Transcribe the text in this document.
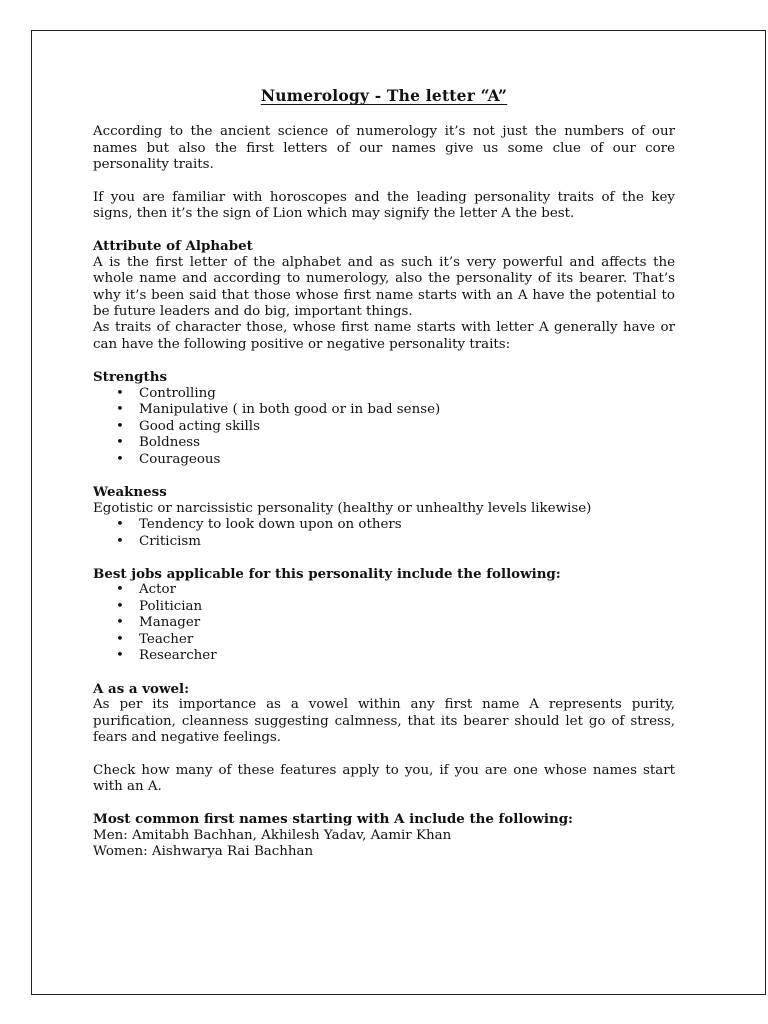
Numerology - The letter “A”

According to the ancient science of numerology it’s not just the numbers of our names but also the first letters of our names give us some clue of our core personality traits.

If you are familiar with horoscopes and the leading personality traits of the key signs, then it’s the sign of Lion which may signify the letter A the best.

Attribute of Alphabet

A is the first letter of the alphabet and as such it’s very powerful and affects the whole name and according to numerology, also the personality of its bearer. That’s why it’s been said that those whose first name starts with an A have the potential to be future leaders and do big, important things.

As traits of character those, whose first name starts with letter A generally have or can have the following positive or negative personality traits:

Strengths
• Controlling
• Manipulative ( in both good or in bad sense)
• Good acting skills
• Boldness
• Courageous
Weakness
Egotistic or narcissistic personality (healthy or unhealthy levels likewise)
• Tendency to look down upon on others
• Criticism
Best jobs applicable for this personality include the following:
• Actor
• Politician
• Manager
• Teacher
• Researcher
A as a vowel:

As per its importance as a vowel within any first name A represents purity, purification, cleanness suggesting calmness, that its bearer should let go of stress, fears and negative feelings.

Check how many of these features apply to you, if you are one whose names start with an A.

Most common first names starting with A include the following:
Men: Amitabh Bachhan, Akhilesh Yadav, Aamir Khan
Women: Aishwarya Rai Bachhan
